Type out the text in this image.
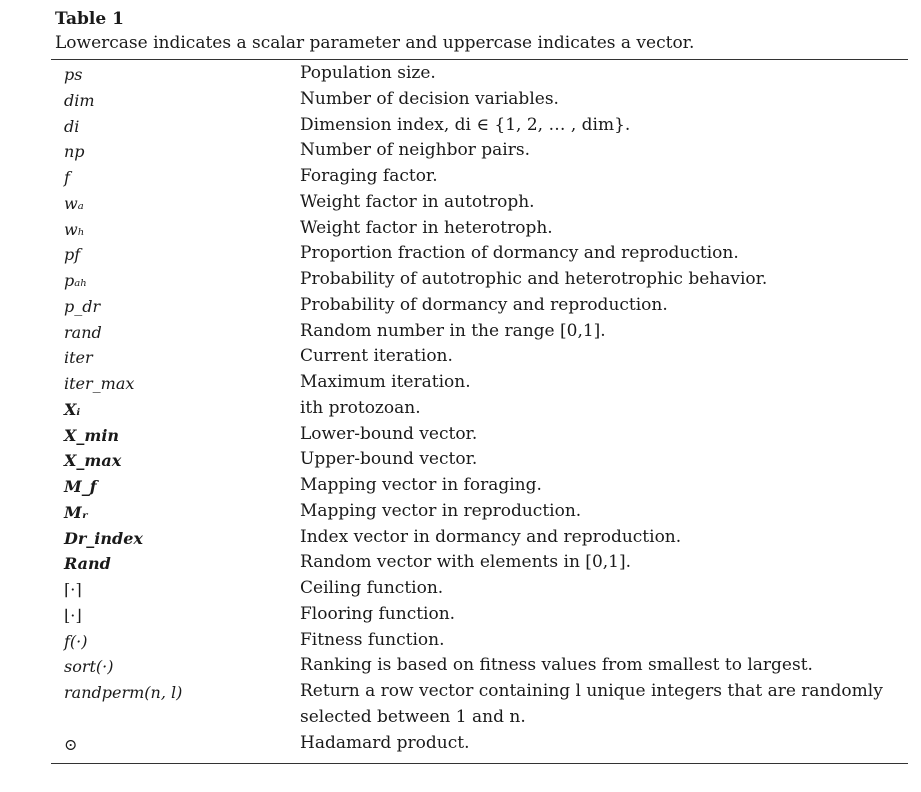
Table 1
Lowercase indicates a scalar parameter and uppercase indicates a vector.
ps	Population size.
dim	Number of decision variables.
di	Dimension index, di ∈ {1, 2, … , dim}.
np	Number of neighbor pairs.
f	Foraging factor.
wₐ	Weight factor in autotroph.
wₕ	Weight factor in heterotroph.
pf	Proportion fraction of dormancy and reproduction.
pₐₕ	Probability of autotrophic and heterotrophic behavior.
p_dr	Probability of dormancy and reproduction.
rand	Random number in the range [0,1].
iter	Current iteration.
iter_max	Maximum iteration.
Xᵢ	ith protozoan.
X_min	Lower-bound vector.
X_max	Upper-bound vector.
M_f	Mapping vector in foraging.
Mᵣ	Mapping vector in reproduction.
Dr_index	Index vector in dormancy and reproduction.
Rand	Random vector with elements in [0,1].
⌈·⌉	Ceiling function.
⌊·⌋	Flooring function.
f(·)	Fitness function.
sort(·)	Ranking is based on fitness values from smallest to largest.
randperm(n, l)	Return a row vector containing l unique integers that are randomly selected between 1 and n.
⊙	Hadamard product.
